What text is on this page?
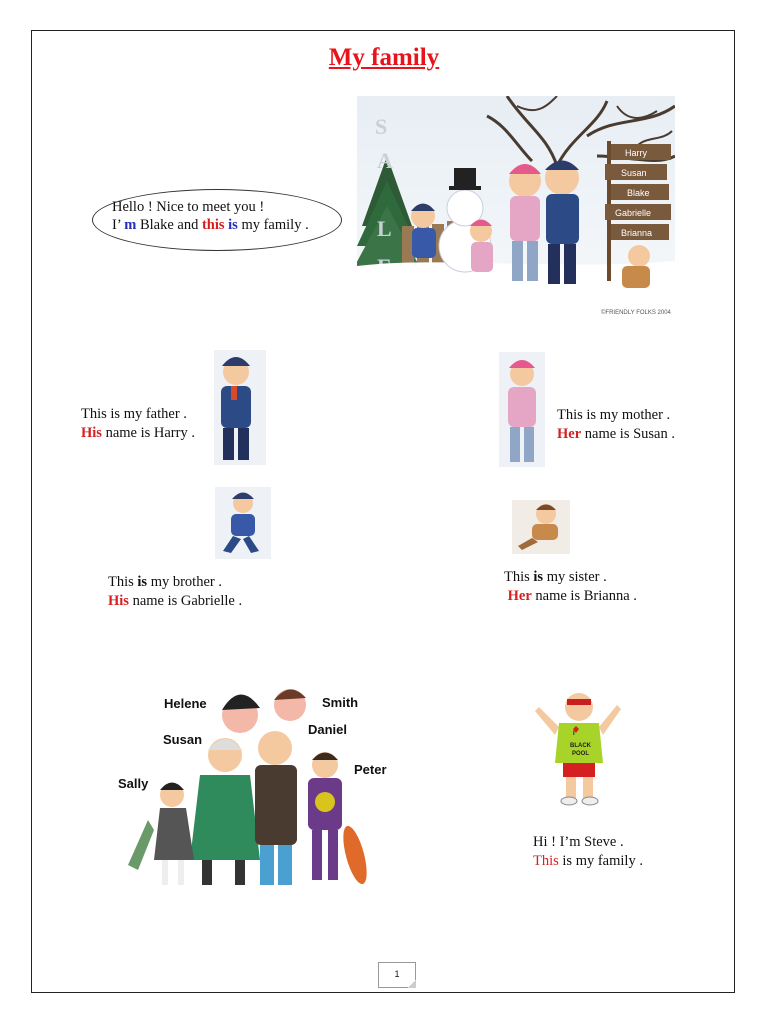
My family
Hello ! Nice to meet you !
I’ m Blake and this is my family .
S
A
L
Harry
Susan
Blake
Gabrielle
Brianna
©FRIENDLY FOLKS 2004
This is my father .
His name is Harry .
This is my mother .
Her name is Susan .
This is my brother .
His name is Gabrielle .
This is my sister .
Her name is Brianna .
Helene	Smith
Daniel
Susan
Peter
Sally
I
BLACK
POOL
Hi ! I’m Steve .
This is my family .
1
